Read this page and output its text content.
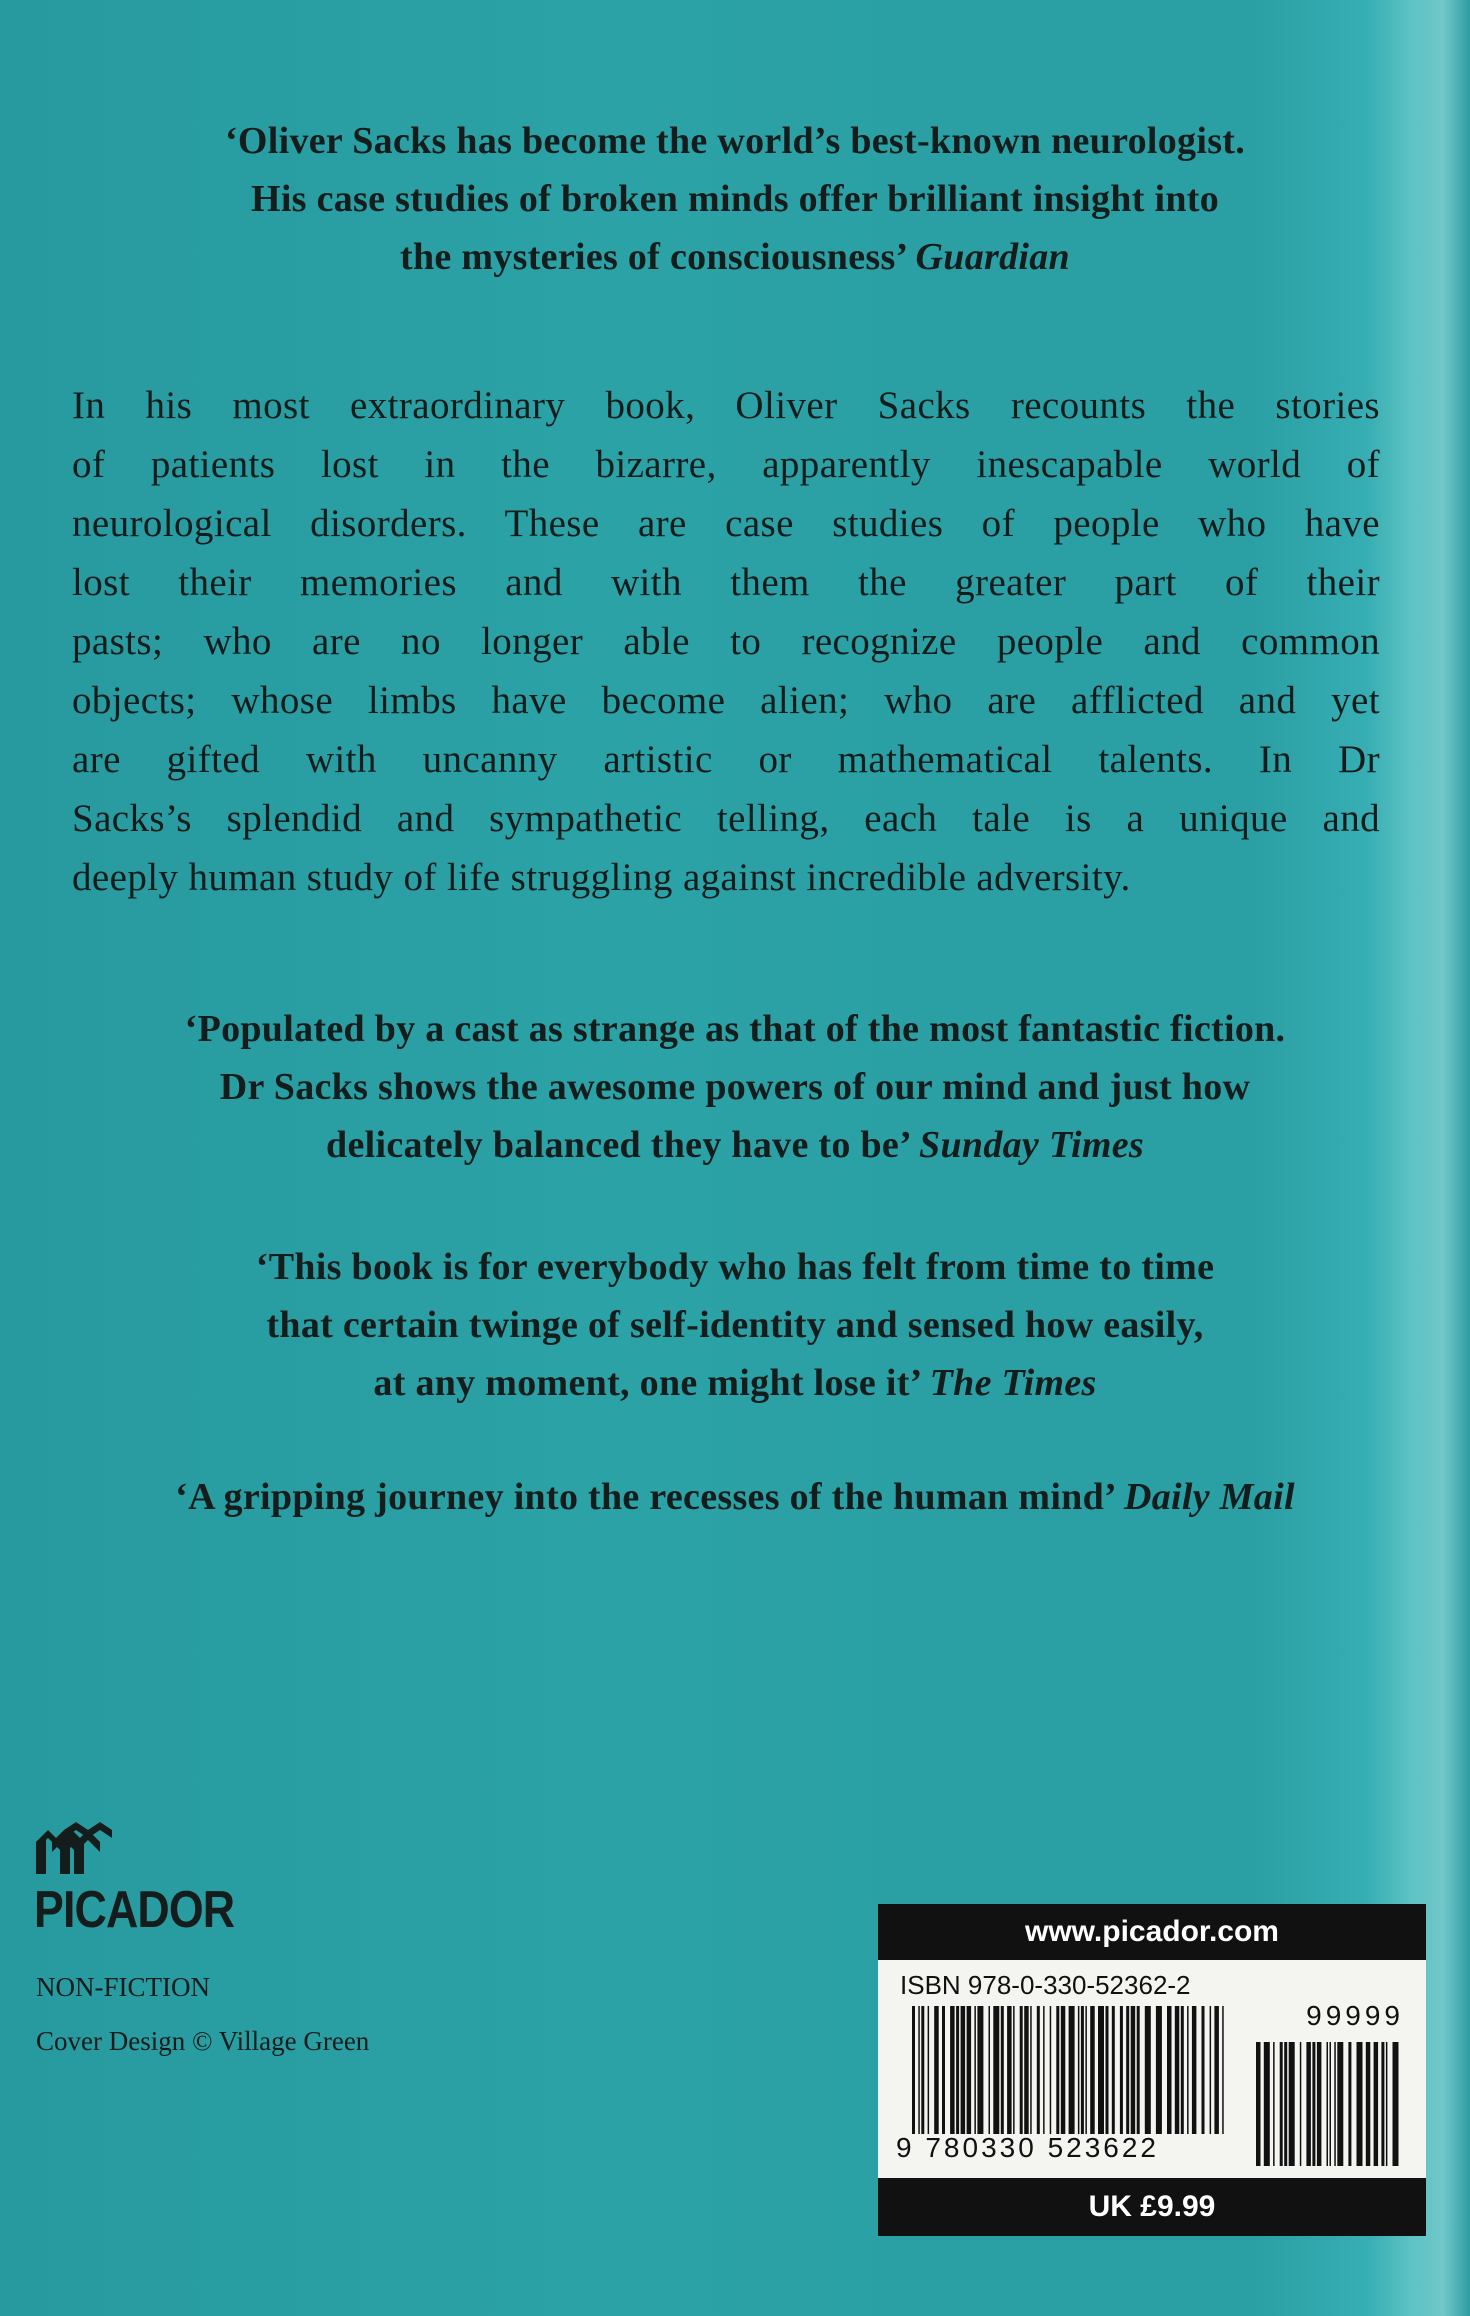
‘Oliver Sacks has become the world’s best-known neurologist.
His case studies of broken minds offer brilliant insight into
the mysteries of consciousness’ Guardian
In his most extraordinary book, Oliver Sacks recounts the stories
of patients lost in the bizarre, apparently inescapable world of
neurological disorders. These are case studies of people who have
lost their memories and with them the greater part of their
pasts; who are no longer able to recognize people and common
objects; whose limbs have become alien; who are afflicted and yet
are gifted with uncanny artistic or mathematical talents. In Dr
Sacks’s splendid and sympathetic telling, each tale is a unique and
deeply human study of life struggling against incredible adversity.
‘Populated by a cast as strange as that of the most fantastic fiction.
Dr Sacks shows the awesome powers of our mind and just how
delicately balanced they have to be’ Sunday Times
‘This book is for everybody who has felt from time to time
that certain twinge of self-identity and sensed how easily,
at any moment, one might lose it’ The Times
‘A gripping journey into the recesses of the human mind’ Daily Mail
PICADOR
NON-FICTION
Cover Design © Village Green
www.picador.com
ISBN 978-0-330-52362-2
99999
9 780330 523622
UK £9.99
